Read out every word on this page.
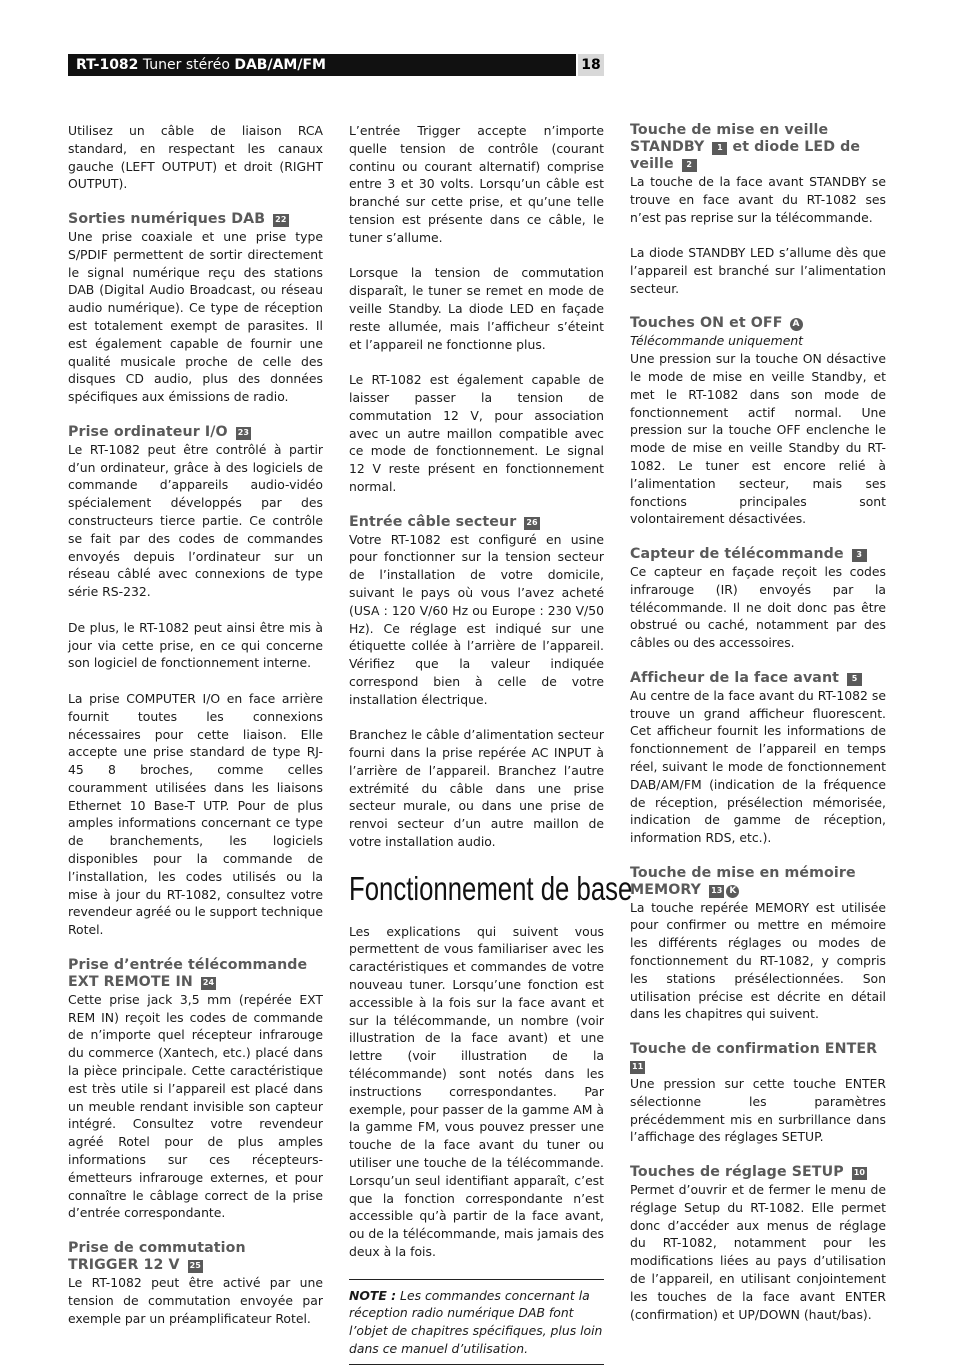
RT-1082 Tuner stéréo DAB/AM/FM	18

Utilisez un câble de liaison RCA standard, en respectant les canaux gauche (LEFT OUTPUT) et droit (RIGHT OUTPUT).

Sorties numériques DAB 22

Une prise coaxiale et une prise type S/PDIF permettent de sortir directement le signal numérique reçu des stations DAB (Digital Audio Broadcast, ou réseau audio numérique). Ce type de réception est totalement exempt de parasites. Il est également capable de fournir une qualité musicale proche de celle des disques CD audio, plus des données spécifiques aux émissions de radio.

Prise ordinateur I/O 23

Le RT-1082 peut être contrôlé à partir d’un ordinateur, grâce à des logiciels de commande d’appareils audio-vidéo spécialement développés par des constructeurs tierce partie. Ce contrôle se fait par des codes de commandes envoyés depuis l’ordinateur sur un réseau câblé avec connexions de type série RS-232.

De plus, le RT-1082 peut ainsi être mis à jour via cette prise, en ce qui concerne son logiciel de fonctionnement interne.

La prise COMPUTER I/O en face arrière fournit toutes les connexions nécessaires pour cette liaison. Elle accepte une prise standard de type RJ-45 8 broches, comme celles couramment utilisées dans les liaisons Ethernet 10 Base-T UTP. Pour de plus amples informations concernant ce type de branchements, les logiciels disponibles pour la commande de l’installation, les codes utilisés ou la mise à jour du RT-1082, consultez votre revendeur agréé ou le support technique Rotel.

Prise d’entrée télécommande
EXT REMOTE IN 24

Cette prise jack 3,5 mm (repérée EXT REM IN) reçoit les codes de commande de n’importe quel récepteur infrarouge du commerce (Xantech, etc.) placé dans la pièce principale. Cette caractéristique est très utile si l’appareil est placé dans un meuble rendant invisible son capteur intégré. Consultez votre revendeur agréé Rotel pour de plus amples informations sur ces récepteurs-émetteurs infrarouge externes, et pour connaître le câblage correct de la prise d’entrée correspondante.

Prise de commutation
TRIGGER 12 V 25

Le RT-1082 peut être activé par une tension de commutation envoyée par exemple par un préamplificateur Rotel.

L’entrée Trigger accepte n’importe quelle tension de contrôle (courant continu ou courant alternatif) comprise entre 3 et 30 volts. Lorsqu’un câble est branché sur cette prise, et qu’une telle tension est présente dans ce câble, le tuner s’allume.

Lorsque la tension de commutation disparaît, le tuner se remet en mode de veille Standby. La diode LED en façade reste allumée, mais l’afficheur s’éteint et l’appareil ne fonctionne plus.

Le RT-1082 est également capable de laisser passer la tension de commutation 12 V, pour association avec un autre maillon compatible avec ce mode de fonctionnement. Le signal 12 V reste présent en fonctionnement normal.

Entrée câble secteur 26

Votre RT-1082 est configuré en usine pour fonctionner sur la tension secteur de l’installation de votre domicile, suivant le pays où vous l’avez acheté (USA : 120 V/60 Hz ou Europe : 230 V/50 Hz). Ce réglage est indiqué sur une étiquette collée à l’arrière de l’appareil. Vérifiez que la valeur indiquée correspond bien à celle de votre installation électrique.

Branchez le câble d’alimentation secteur fourni dans la prise repérée AC INPUT à l’arrière de l’appareil. Branchez l’autre extrémité du câble dans une prise secteur murale, ou dans une prise de renvoi secteur d’un autre maillon de votre installation audio.

Fonctionnement de base

Les explications qui suivent vous permettent de vous familiariser avec les caractéristiques et commandes de votre nouveau tuner. Lorsqu’une fonction est accessible à la fois sur la face avant et sur la télécommande, un nombre (voir illustration de la face avant) et une lettre (voir illustration de la télécommande) sont notés dans les instructions correspondantes. Par exemple, pour passer de la gamme AM à la gamme FM, vous pouvez presser une touche de la face avant du tuner ou utiliser une touche de la télécommande. Lorsqu’un seul identifiant apparaît, c’est que la fonction correspondante n’est accessible qu’à partir de la face avant, ou de la télécommande, mais jamais des deux à la fois.

NOTE : Les commandes concernant la réception radio numérique DAB font l’objet de chapitres spécifiques, plus loin dans ce manuel d’utilisation.
Touche de mise en veille
STANDBY 1 et diode LED de
veille 2

La touche de la face avant STANDBY se trouve en face avant du RT-1082 ses n’est pas reprise sur la télécommande.

La diode STANDBY LED s’allume dès que l’appareil est branché sur l’alimentation secteur.

Touches ON et OFF A

Télécommande uniquement

Une pression sur la touche ON désactive le mode de mise en veille Standby, et met le RT-1082 dans son mode de fonctionnement actif normal. Une pression sur la touche OFF enclenche le mode de mise en veille Standby du RT-1082. Le tuner est encore relié à l’alimentation secteur, mais ses fonctions principales sont volontairement désactivées.

Capteur de télécommande 3

Ce capteur en façade reçoit les codes infrarouge (IR) envoyés par la télécommande. Il ne doit donc pas être obstrué ou caché, notamment par des câbles ou des accessoires.

Afficheur de la face avant 5

Au centre de la face avant du RT-1082 se trouve un grand afficheur fluorescent. Cet afficheur fournit les informations de fonctionnement de l’appareil en temps réel, suivant le mode de fonctionnement DAB/AM/FM (indication de la fréquence de réception, présélection mémorisée, indication de gamme de réception, information RDS, etc.).

Touche de mise en mémoire
MEMORY 13 K

La touche repérée MEMORY est utilisée pour confirmer ou mettre en mémoire les différents réglages ou modes de fonctionnement du RT-1082, y compris les stations présélectionnées. Son utilisation précise est décrite en détail dans les chapitres qui suivent.

Touche de confirmation ENTER
11

Une pression sur cette touche ENTER sélectionne les paramètres précédemment mis en surbrillance dans l’affichage des réglages SETUP.

Touches de réglage SETUP 10

Permet d’ouvrir et de fermer le menu de réglage Setup du RT-1082. Elle permet donc d’accéder aux menus de réglage du RT-1082, notamment pour les modifications liées au pays d’utilisation de l’appareil, en utilisant conjointement les touches de la face avant ENTER (confirmation) et UP/DOWN (haut/bas).
